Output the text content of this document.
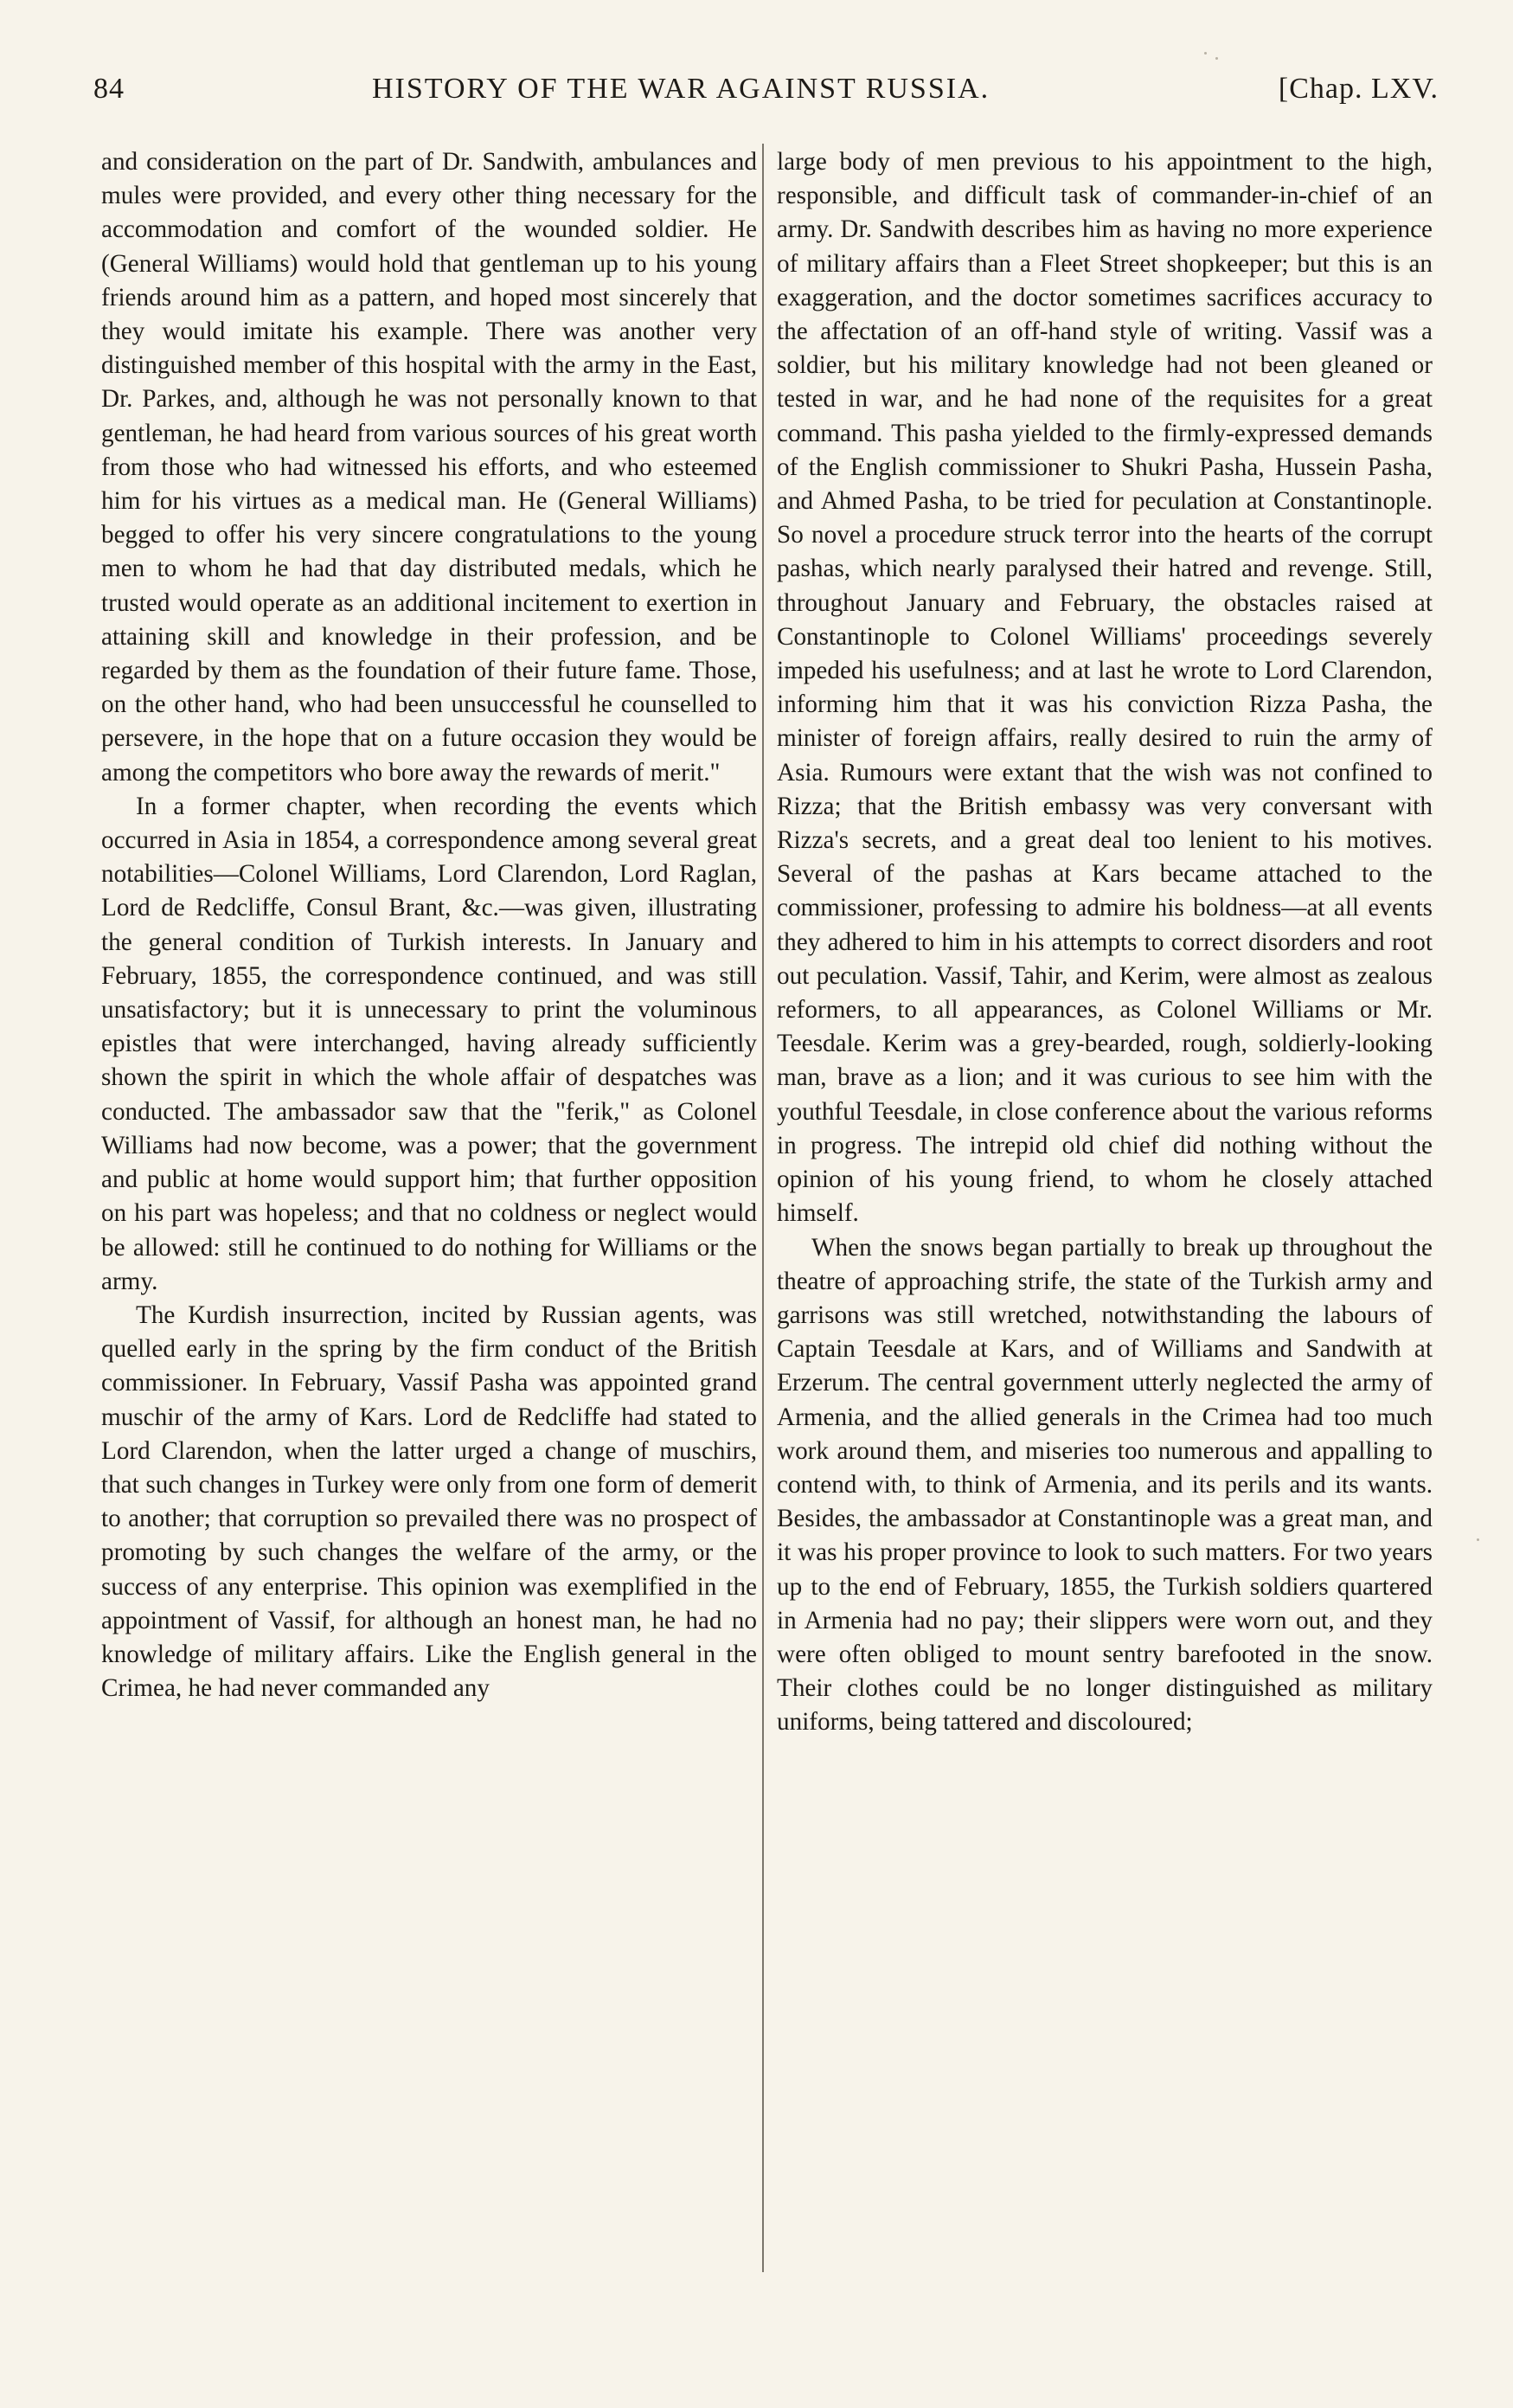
84	HISTORY OF THE WAR AGAINST RUSSIA.	[Chap. LXV.

and consideration on the part of Dr. Sandwith, ambulances and mules were provided, and every other thing necessary for the accommodation and comfort of the wounded soldier. He (General Williams) would hold that gentleman up to his young friends around him as a pattern, and hoped most sincerely that they would imitate his example. There was another very distinguished member of this hospital with the army in the East, Dr. Parkes, and, although he was not personally known to that gentleman, he had heard from various sources of his great worth from those who had witnessed his efforts, and who esteemed him for his virtues as a medical man. He (General Williams) begged to offer his very sincere congratulations to the young men to whom he had that day distributed medals, which he trusted would operate as an additional incitement to exertion in attaining skill and knowledge in their profession, and be regarded by them as the foundation of their future fame. Those, on the other hand, who had been unsuccessful he counselled to persevere, in the hope that on a future occasion they would be among the competitors who bore away the rewards of merit."

In a former chapter, when recording the events which occurred in Asia in 1854, a correspondence among several great notabilities—Colonel Williams, Lord Clarendon, Lord Raglan, Lord de Redcliffe, Consul Brant, &c.—was given, illustrating the general condition of Turkish interests. In January and February, 1855, the correspondence continued, and was still unsatisfactory; but it is unnecessary to print the voluminous epistles that were interchanged, having already sufficiently shown the spirit in which the whole affair of despatches was conducted. The ambassador saw that the "ferik," as Colonel Williams had now become, was a power; that the government and public at home would support him; that further opposition on his part was hopeless; and that no coldness or neglect would be allowed: still he continued to do nothing for Williams or the army.

The Kurdish insurrection, incited by Russian agents, was quelled early in the spring by the firm conduct of the British commissioner. In February, Vassif Pasha was appointed grand muschir of the army of Kars. Lord de Redcliffe had stated to Lord Clarendon, when the latter urged a change of muschirs, that such changes in Turkey were only from one form of demerit to another; that corruption so prevailed there was no prospect of promoting by such changes the welfare of the army, or the success of any enterprise. This opinion was exemplified in the appointment of Vassif, for although an honest man, he had no knowledge of military affairs. Like the English general in the Crimea, he had never commanded any

large body of men previous to his appointment to the high, responsible, and difficult task of commander-in-chief of an army. Dr. Sandwith describes him as having no more experience of military affairs than a Fleet Street shopkeeper; but this is an exaggeration, and the doctor sometimes sacrifices accuracy to the affectation of an off-hand style of writing. Vassif was a soldier, but his military knowledge had not been gleaned or tested in war, and he had none of the requisites for a great command. This pasha yielded to the firmly-expressed demands of the English commissioner to Shukri Pasha, Hussein Pasha, and Ahmed Pasha, to be tried for peculation at Constantinople. So novel a procedure struck terror into the hearts of the corrupt pashas, which nearly paralysed their hatred and revenge. Still, throughout January and February, the obstacles raised at Constantinople to Colonel Williams' proceedings severely impeded his usefulness; and at last he wrote to Lord Clarendon, informing him that it was his conviction Rizza Pasha, the minister of foreign affairs, really desired to ruin the army of Asia. Rumours were extant that the wish was not confined to Rizza; that the British embassy was very conversant with Rizza's secrets, and a great deal too lenient to his motives. Several of the pashas at Kars became attached to the commissioner, professing to admire his boldness—at all events they adhered to him in his attempts to correct disorders and root out peculation. Vassif, Tahir, and Kerim, were almost as zealous reformers, to all appearances, as Colonel Williams or Mr. Teesdale. Kerim was a grey-bearded, rough, soldierly-looking man, brave as a lion; and it was curious to see him with the youthful Teesdale, in close conference about the various reforms in progress. The intrepid old chief did nothing without the opinion of his young friend, to whom he closely attached himself.

When the snows began partially to break up throughout the theatre of approaching strife, the state of the Turkish army and garrisons was still wretched, notwithstanding the labours of Captain Teesdale at Kars, and of Williams and Sandwith at Erzerum. The central government utterly neglected the army of Armenia, and the allied generals in the Crimea had too much work around them, and miseries too numerous and appalling to contend with, to think of Armenia, and its perils and its wants. Besides, the ambassador at Constantinople was a great man, and it was his proper province to look to such matters. For two years up to the end of February, 1855, the Turkish soldiers quartered in Armenia had no pay; their slippers were worn out, and they were often obliged to mount sentry barefooted in the snow. Their clothes could be no longer distinguished as military uniforms, being tattered and discoloured;
